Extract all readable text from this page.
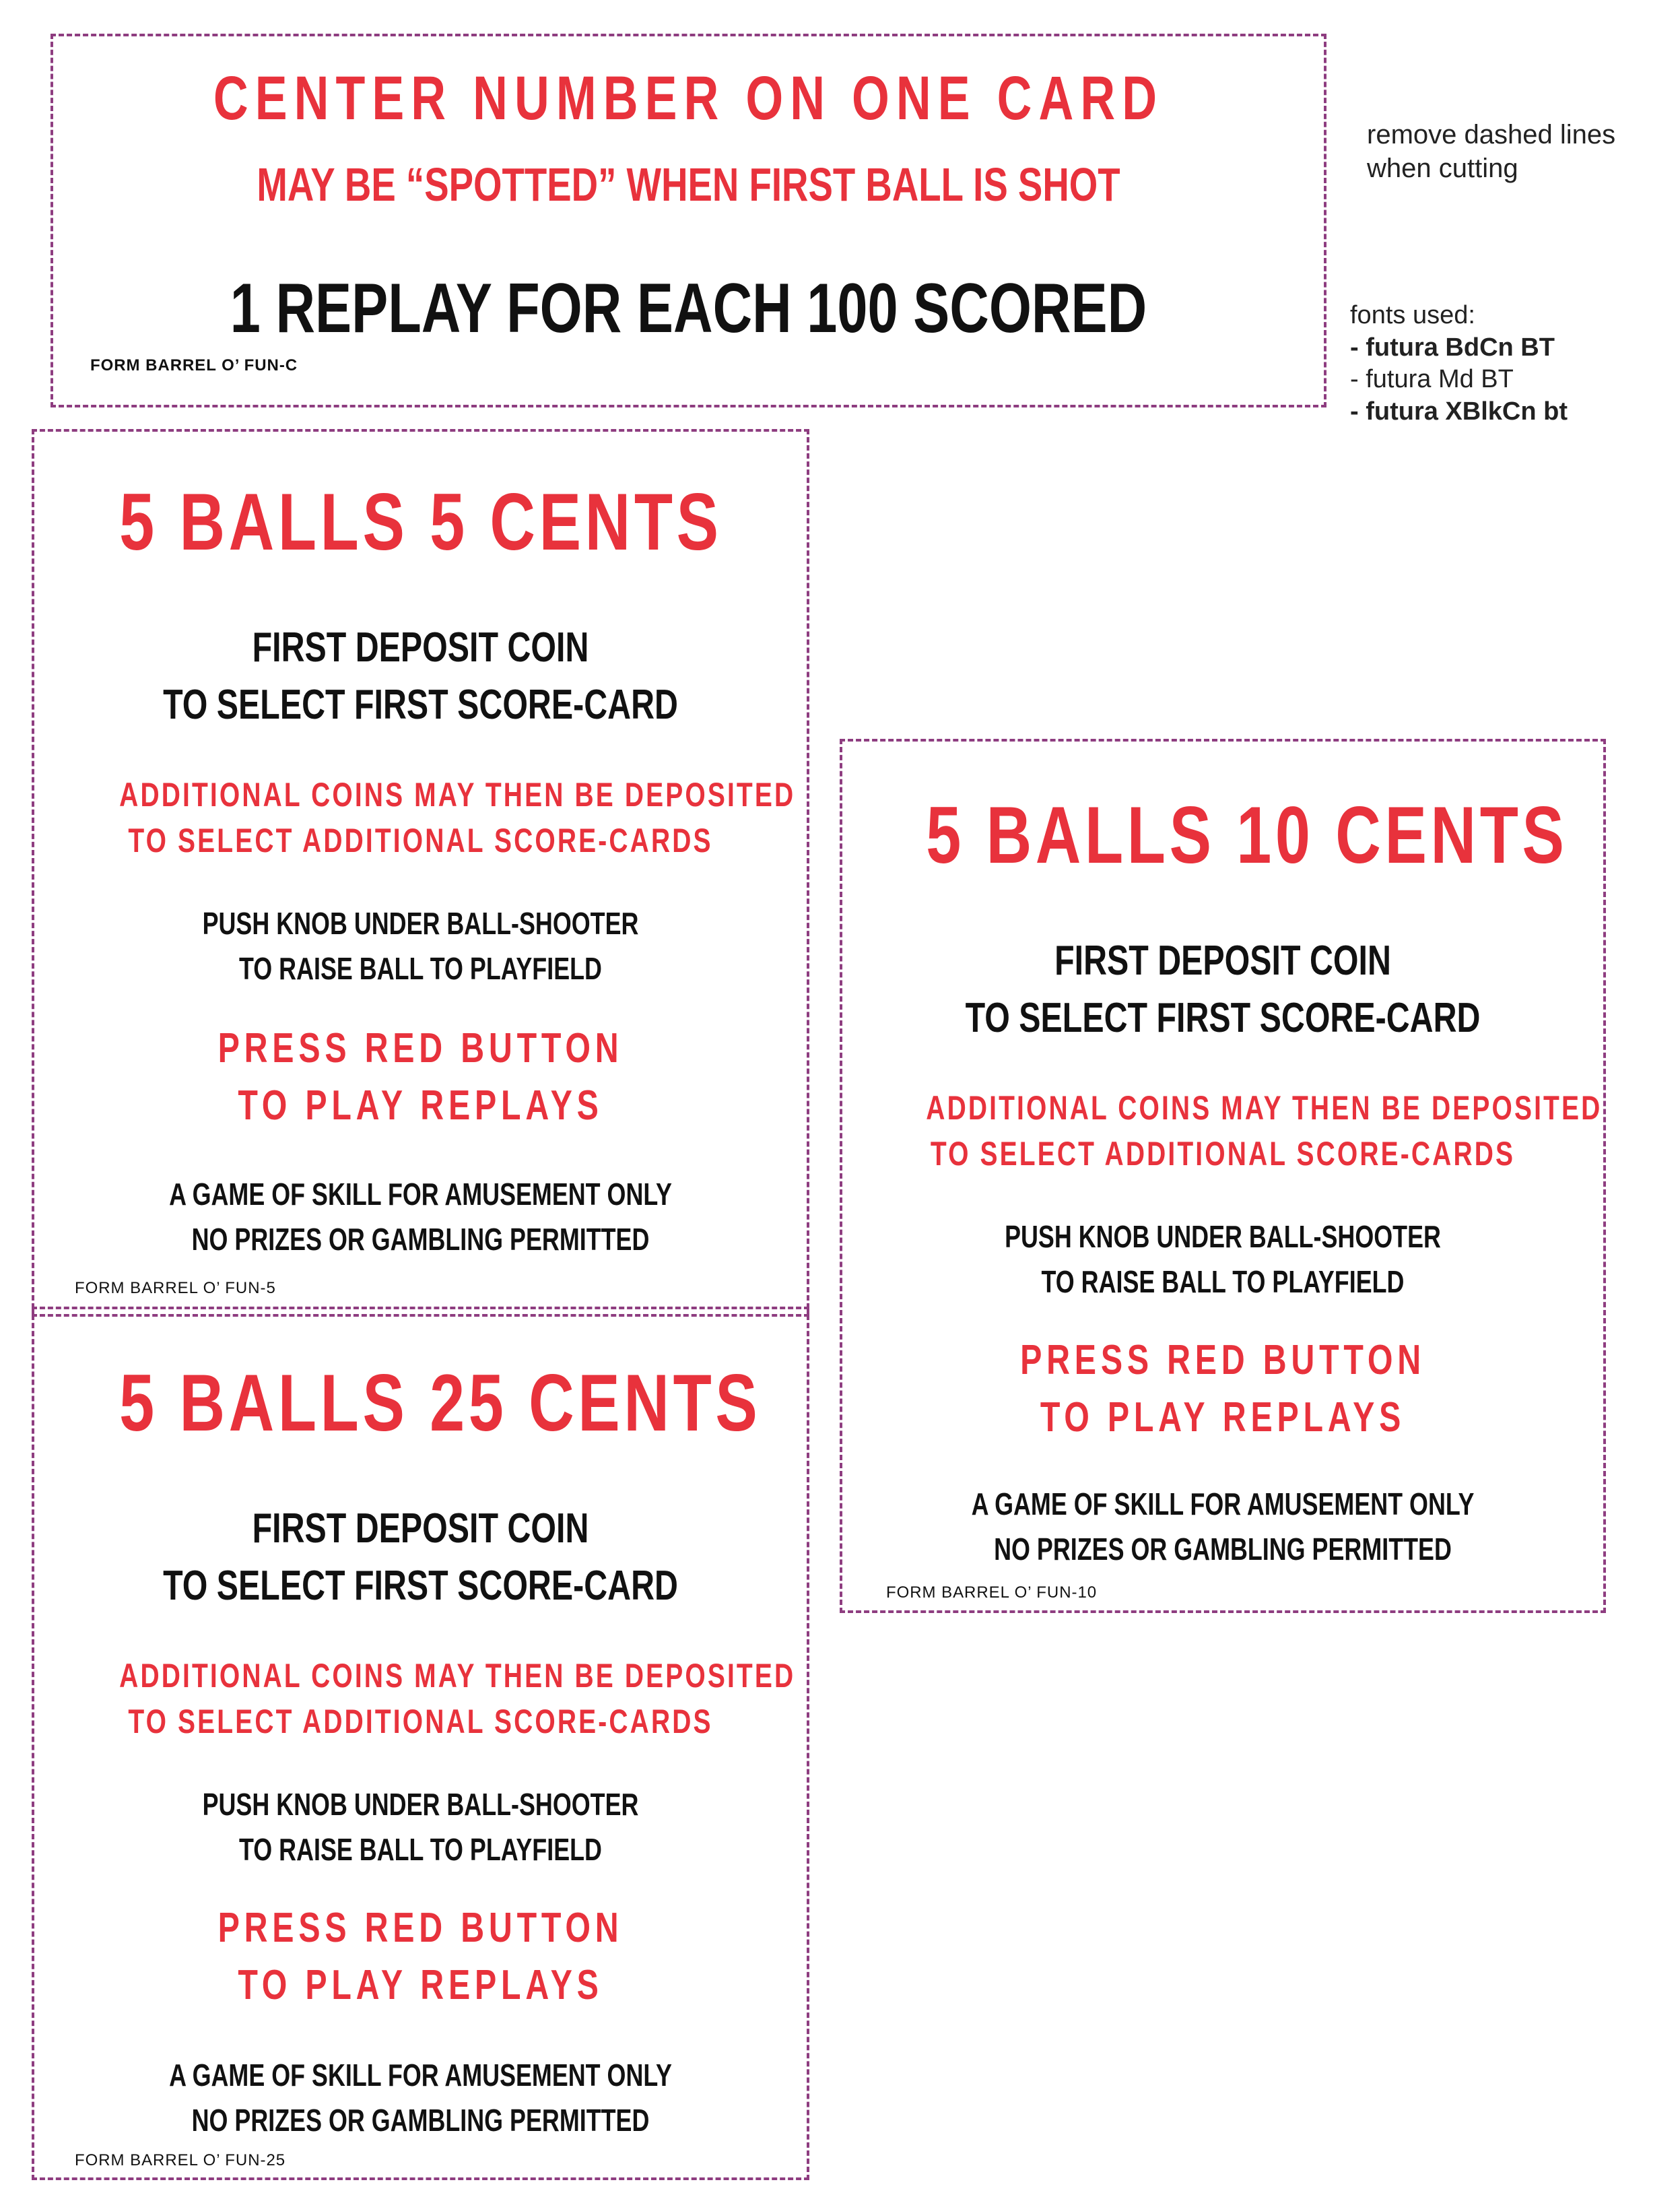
CENTER NUMBER ON ONE CARD
MAY BE “SPOTTED” WHEN FIRST BALL IS SHOT
1 REPLAY FOR EACH 100 SCORED
FORM BARREL O’ FUN-C
remove dashed lines
when cutting
fonts used:
- futura BdCn BT
- futura Md BT
- futura XBlkCn bt
5 BALLS 5 CENTS
FIRST DEPOSIT COIN
TO SELECT FIRST SCORE-CARD
ADDITIONAL COINS MAY THEN BE DEPOSITED
TO SELECT ADDITIONAL SCORE-CARDS
PUSH KNOB UNDER BALL-SHOOTER
TO RAISE BALL TO PLAYFIELD
PRESS RED BUTTON
TO PLAY REPLAYS
A GAME OF SKILL FOR AMUSEMENT ONLY
NO PRIZES OR GAMBLING PERMITTED
FORM BARREL O’ FUN-5
5 BALLS 25 CENTS
FIRST DEPOSIT COIN
TO SELECT FIRST SCORE-CARD
ADDITIONAL COINS MAY THEN BE DEPOSITED
TO SELECT ADDITIONAL SCORE-CARDS
PUSH KNOB UNDER BALL-SHOOTER
TO RAISE BALL TO PLAYFIELD
PRESS RED BUTTON
TO PLAY REPLAYS
A GAME OF SKILL FOR AMUSEMENT ONLY
NO PRIZES OR GAMBLING PERMITTED
FORM BARREL O’ FUN-25
5 BALLS 10 CENTS
FIRST DEPOSIT COIN
TO SELECT FIRST SCORE-CARD
ADDITIONAL COINS MAY THEN BE DEPOSITED
TO SELECT ADDITIONAL SCORE-CARDS
PUSH KNOB UNDER BALL-SHOOTER
TO RAISE BALL TO PLAYFIELD
PRESS RED BUTTON
TO PLAY REPLAYS
A GAME OF SKILL FOR AMUSEMENT ONLY
NO PRIZES OR GAMBLING PERMITTED
FORM BARREL O’ FUN-10
